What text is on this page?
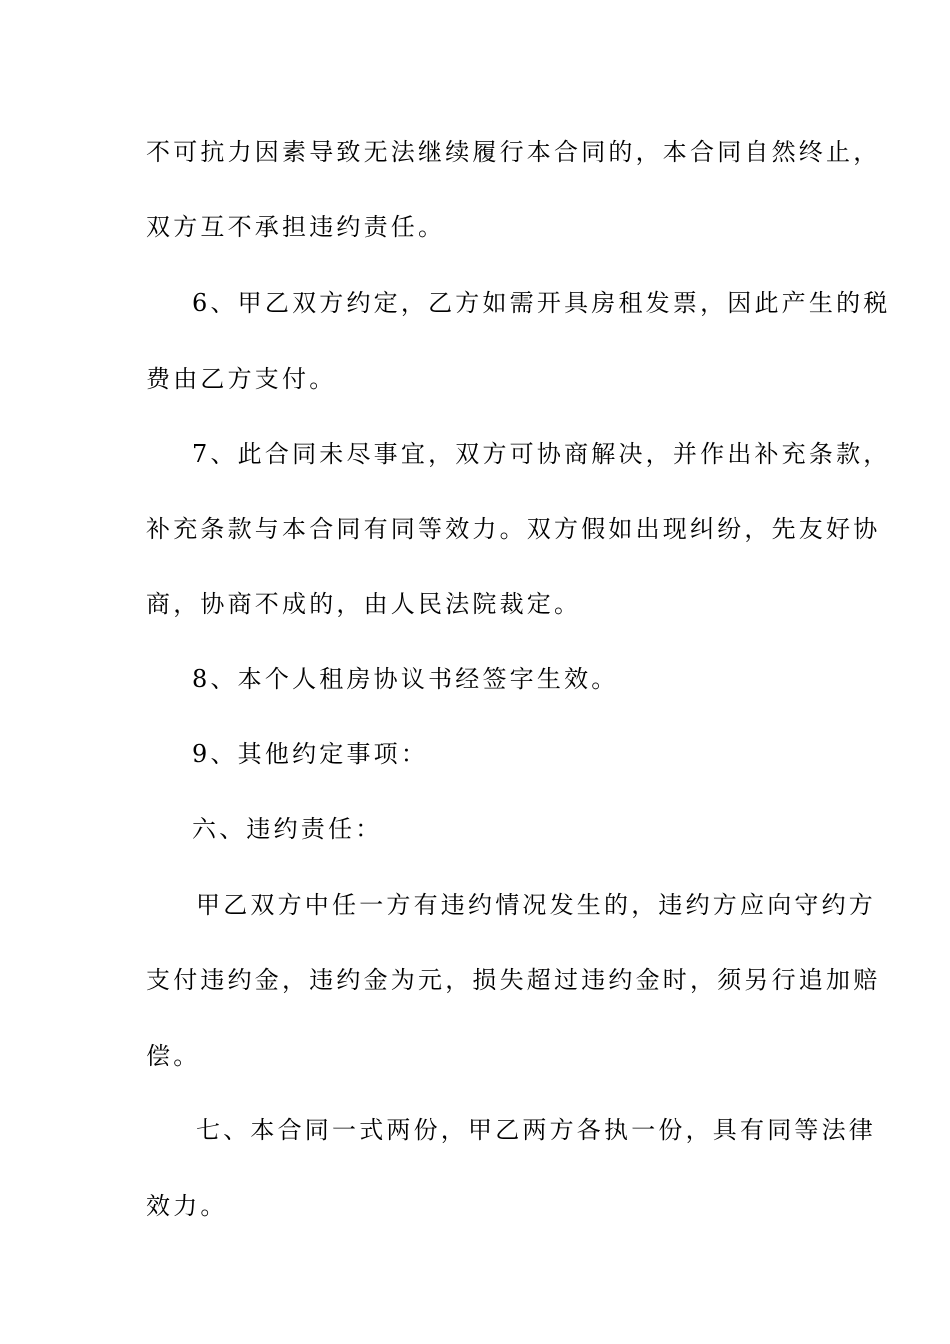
不可抗力因素导致无法继续履行本合同的，本合同自然终止，
双方互不承担违约责任。
6、甲乙双方约定，乙方如需开具房租发票，因此产生的税
费由乙方支付。
7、此合同未尽事宜，双方可协商解决，并作出补充条款，
补充条款与本合同有同等效力。双方假如出现纠纷，先友好协
商，协商不成的，由人民法院裁定。
8、本个人租房协议书经签字生效。
9、其他约定事项：
六、违约责任：
甲乙双方中任一方有违约情况发生的，违约方应向守约方
支付违约金，违约金为元，损失超过违约金时，须另行追加赔
偿。
七、本合同一式两份，甲乙两方各执一份，具有同等法律
效力。
